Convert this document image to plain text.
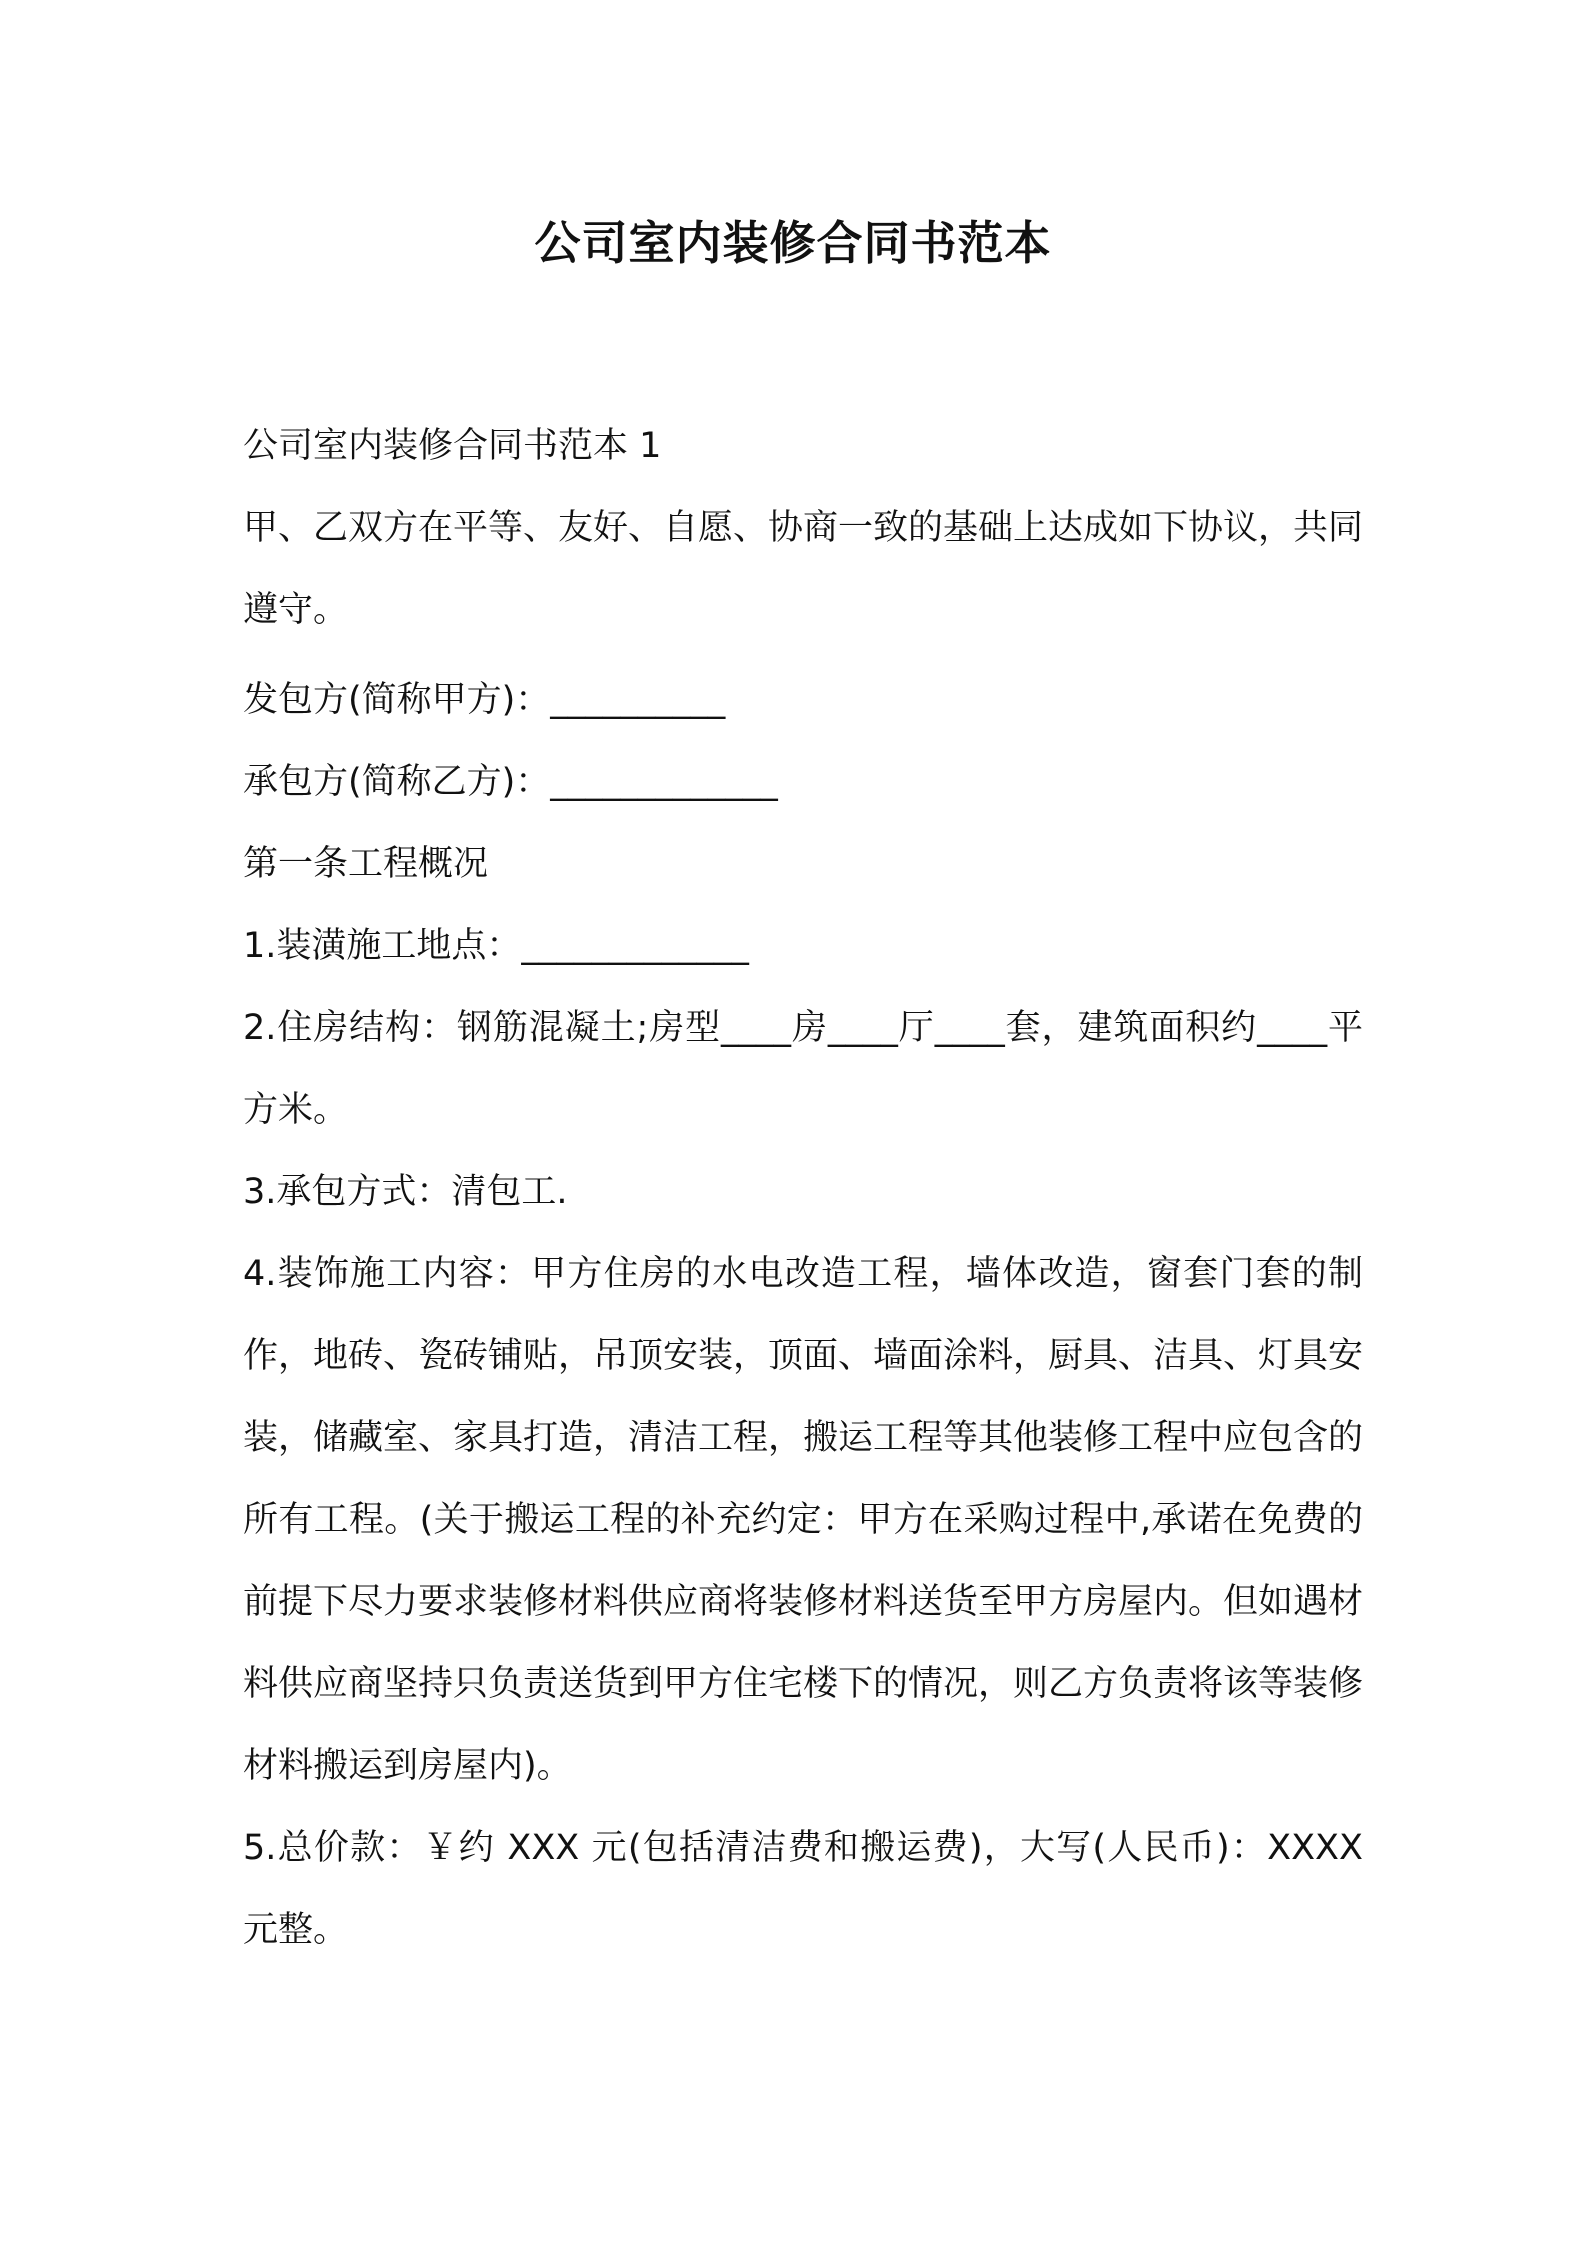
公司室内装修合同书范本

公司室内装修合同书范本 1

甲、乙双方在平等、友好、自愿、协商一致的基础上达成如下协议，共同遵守。

发包方(简称甲方)：__________

承包方(简称乙方)：_____________

第一条工程概况

1.装潢施工地点：_____________

2.住房结构：钢筋混凝土;房型____房____厅____套，建筑面积约____平方米。

3.承包方式：清包工.

4.装饰施工内容：甲方住房的水电改造工程，墙体改造，窗套门套的制作，地砖、瓷砖铺贴，吊顶安装，顶面、墙面涂料，厨具、洁具、灯具安装，储藏室、家具打造，清洁工程，搬运工程等其他装修工程中应包含的所有工程。(关于搬运工程的补充约定：甲方在采购过程中,承诺在免费的前提下尽力要求装修材料供应商将装修材料送货至甲方房屋内。但如遇材料供应商坚持只负责送货到甲方住宅楼下的情况，则乙方负责将该等装修材料搬运到房屋内)。

5.总价款：￥约 XXX 元(包括清洁费和搬运费)，大写(人民币)：XXXX 元整。
